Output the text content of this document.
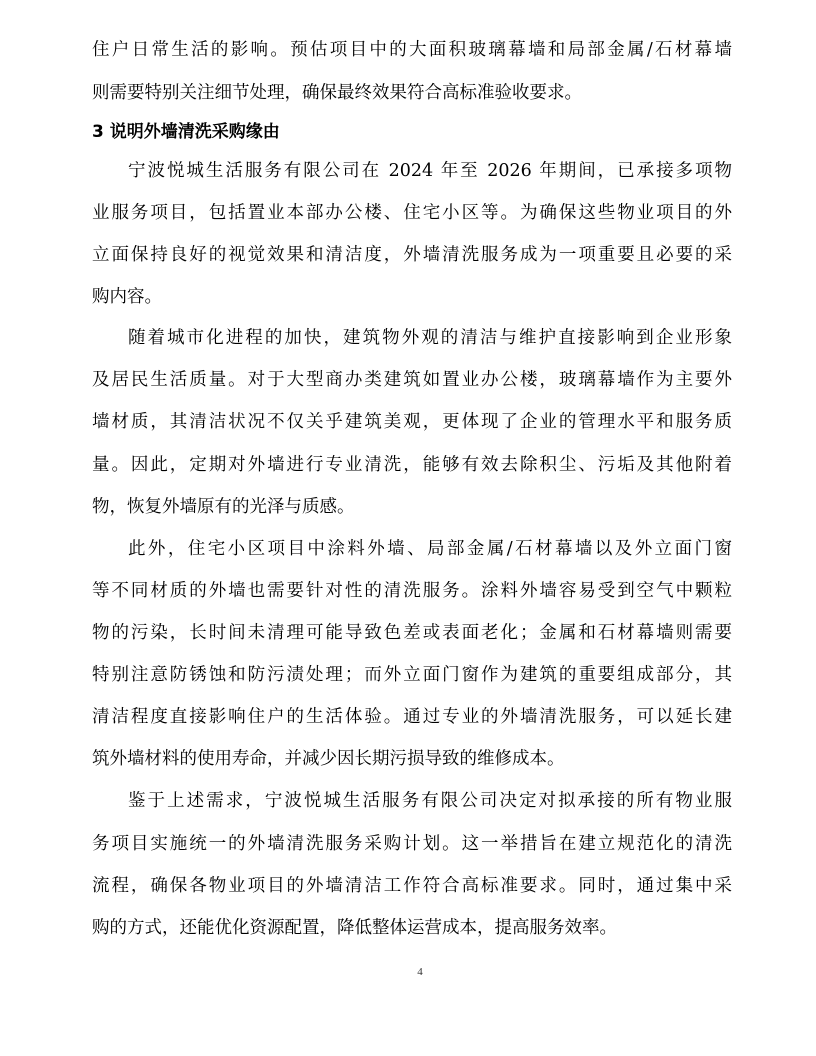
住户日常生活的影响。预估项目中的大面积玻璃幕墙和局部金属/石材幕墙
则需要特别关注细节处理，确保最终效果符合高标准验收要求。
3 说明外墙清洗采购缘由
宁波悦城生活服务有限公司在 2024 年至 2026 年期间，已承接多项物
业服务项目，包括置业本部办公楼、住宅小区等。为确保这些物业项目的外
立面保持良好的视觉效果和清洁度，外墙清洗服务成为一项重要且必要的采
购内容。
随着城市化进程的加快，建筑物外观的清洁与维护直接影响到企业形象
及居民生活质量。对于大型商办类建筑如置业办公楼，玻璃幕墙作为主要外
墙材质，其清洁状况不仅关乎建筑美观，更体现了企业的管理水平和服务质
量。因此，定期对外墙进行专业清洗，能够有效去除积尘、污垢及其他附着
物，恢复外墙原有的光泽与质感。
此外，住宅小区项目中涂料外墙、局部金属/石材幕墙以及外立面门窗
等不同材质的外墙也需要针对性的清洗服务。涂料外墙容易受到空气中颗粒
物的污染，长时间未清理可能导致色差或表面老化；金属和石材幕墙则需要
特别注意防锈蚀和防污渍处理；而外立面门窗作为建筑的重要组成部分，其
清洁程度直接影响住户的生活体验。通过专业的外墙清洗服务，可以延长建
筑外墙材料的使用寿命，并减少因长期污损导致的维修成本。
鉴于上述需求，宁波悦城生活服务有限公司决定对拟承接的所有物业服
务项目实施统一的外墙清洗服务采购计划。这一举措旨在建立规范化的清洗
流程，确保各物业项目的外墙清洁工作符合高标准要求。同时，通过集中采
购的方式，还能优化资源配置，降低整体运营成本，提高服务效率。
4
